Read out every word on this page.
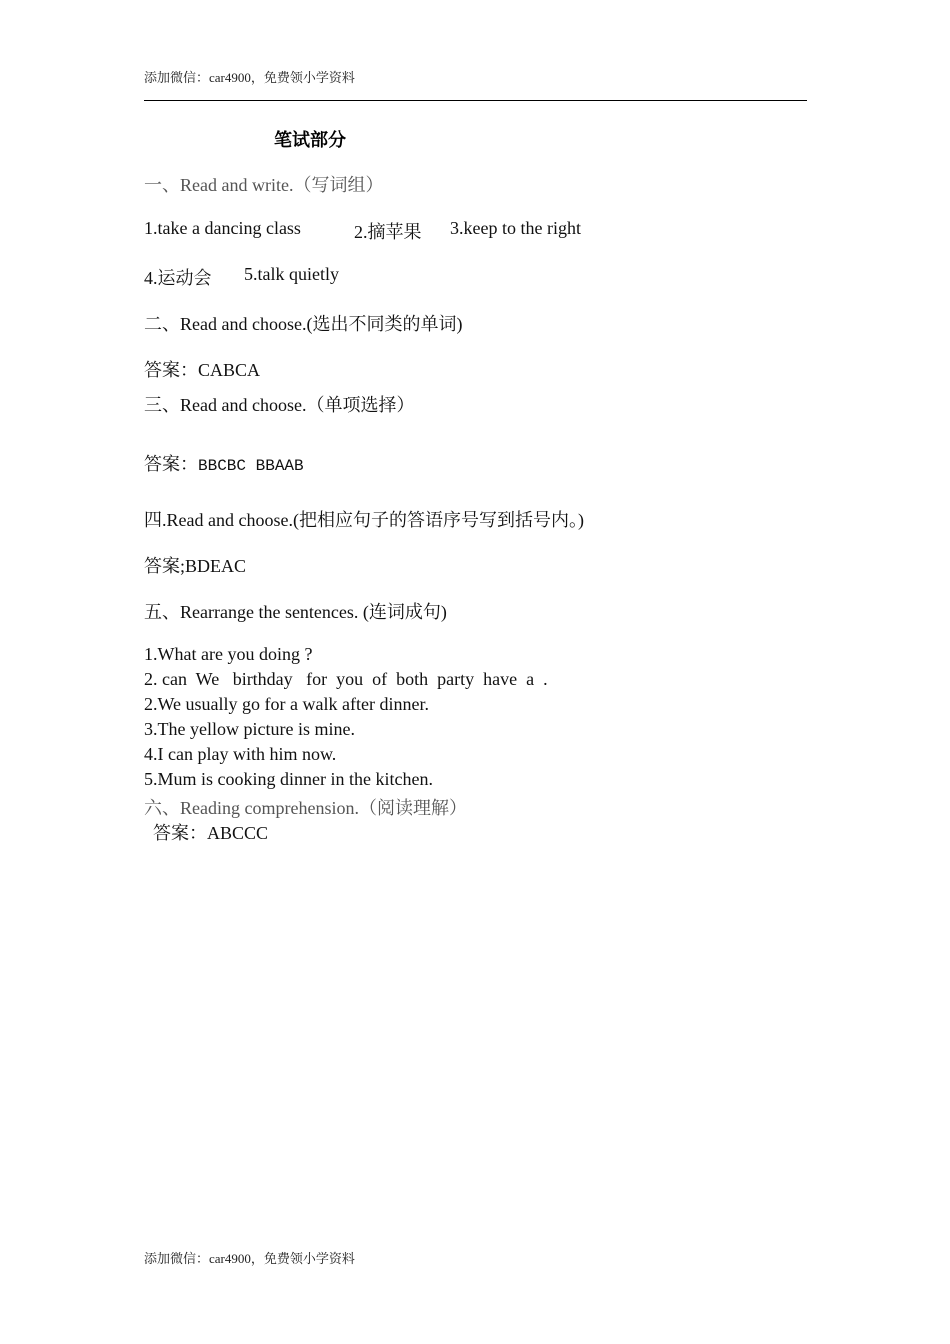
添加微信：car4900，免费领小学资料
笔试部分
一、Read and write.（写词组）
1.take a dancing class	2.摘苹果 3.keep to the right
4.运动会 5.talk quietly
二、Read and choose.(选出不同类的单词)
答案：CABCA
三、Read and choose.（单项选择）
答案：BBCBC BBAAB
四.Read and choose.(把相应句子的答语序号写到括号内。)
答案;BDEAC
五、Rearrange the sentences. (连词成句)
1.What are you doing ?
2. can  We   birthday   for  you  of  both  party  have  a  .
2.We usually go for a walk after dinner.
3.The yellow picture is mine.
4.I can play with him now.
5.Mum is cooking dinner in the kitchen.
六、Reading comprehension.（阅读理解）
答案：ABCCC
添加微信：car4900，免费领小学资料
